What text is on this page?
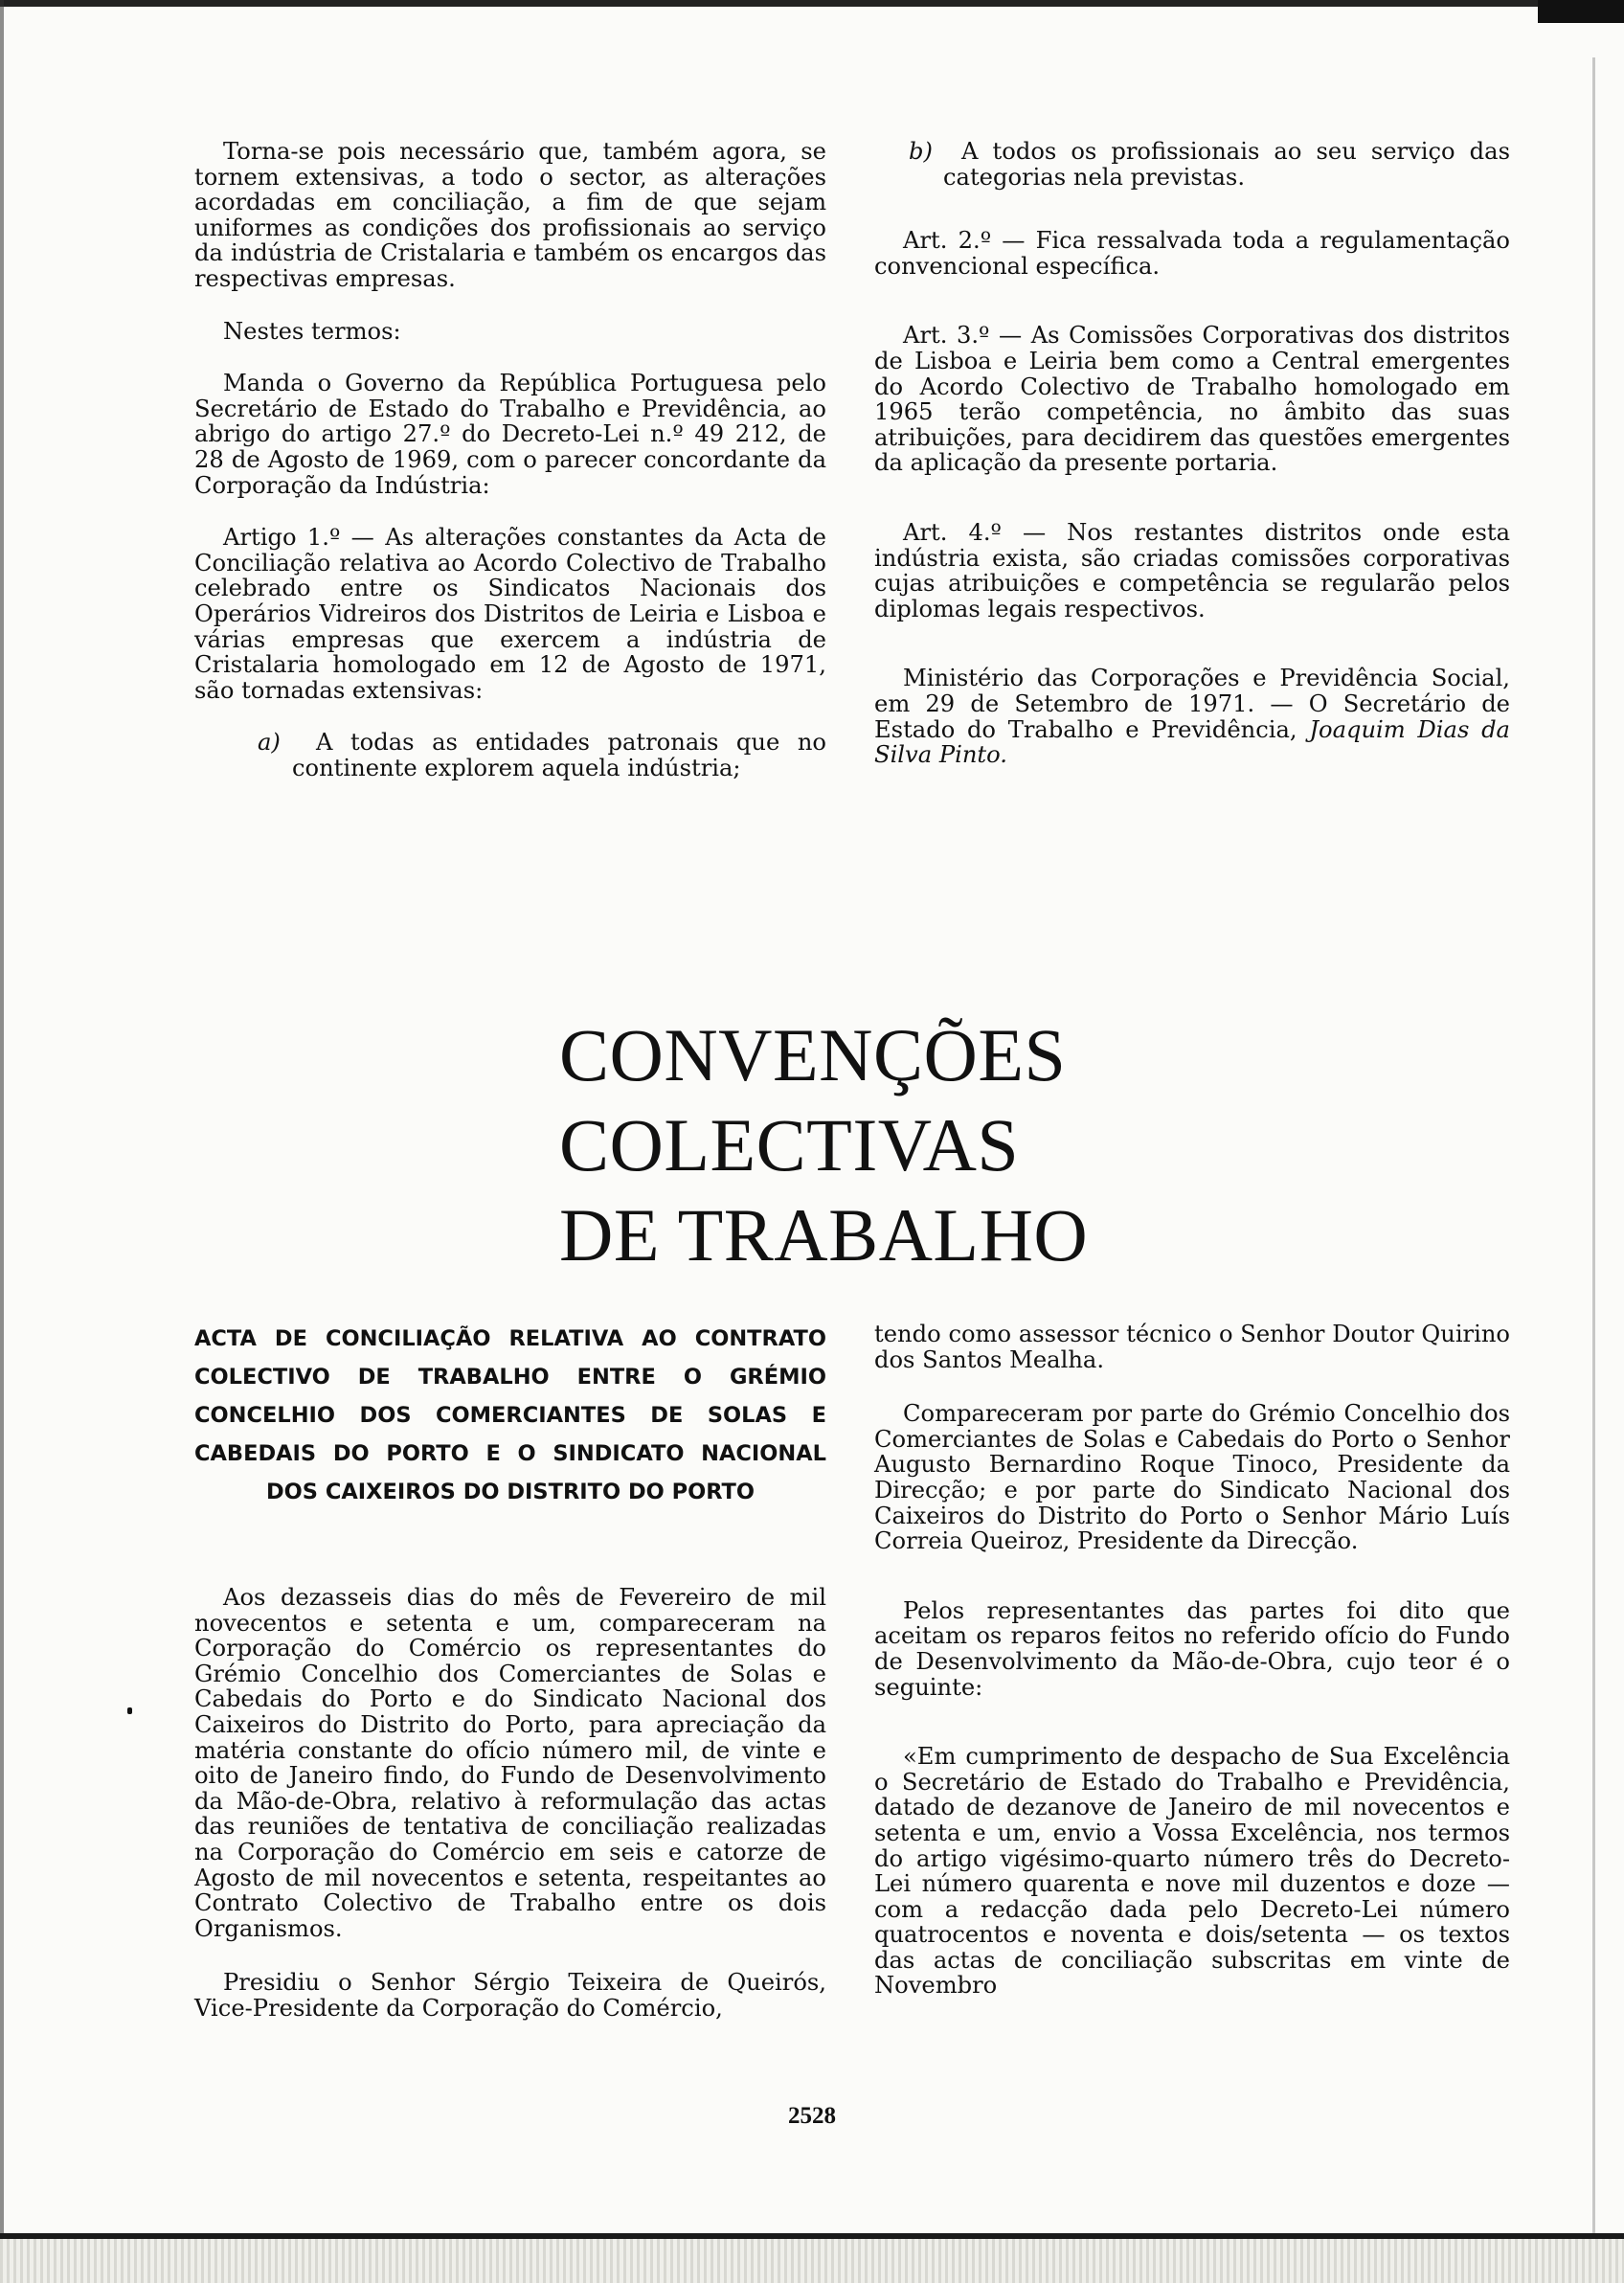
Torna-se pois necessário que, também agora, se tornem extensivas, a todo o sector, as alterações acordadas em conciliação, a fim de que sejam uniformes as condições dos profissionais ao serviço da indústria de Cristalaria e também os encargos das respectivas empresas.

Nestes termos:

Manda o Governo da República Portuguesa pelo Secretário de Estado do Trabalho e Previdência, ao abrigo do artigo 27.º do Decreto-Lei n.º 49 212, de 28 de Agosto de 1969, com o parecer concordante da Corporação da Indústria:

Artigo 1.º — As alterações constantes da Acta de Conciliação relativa ao Acordo Colectivo de Trabalho celebrado entre os Sindicatos Nacionais dos Operários Vidreiros dos Distritos de Leiria e Lisboa e várias empresas que exercem a indústria de Cristalaria homologado em 12 de Agosto de 1971, são tornadas extensivas:

a) A todas as entidades patronais que no continente explorem aquela indústria;

b) A todos os profissionais ao seu serviço das categorias nela previstas.

Art. 2.º — Fica ressalvada toda a regulamentação convencional específica.

Art. 3.º — As Comissões Corporativas dos distritos de Lisboa e Leiria bem como a Central emergentes do Acordo Colectivo de Trabalho homologado em 1965 terão competência, no âmbito das suas atribuições, para decidirem das questões emergentes da aplicação da presente portaria.

Art. 4.º — Nos restantes distritos onde esta indústria exista, são criadas comissões corporativas cujas atribuições e competência se regularão pelos diplomas legais respectivos.

Ministério das Corporações e Previdência Social, em 29 de Setembro de 1971. — O Secretário de Estado do Trabalho e Previdência, Joaquim Dias da Silva Pinto.

CONVENÇÕES COLECTIVAS
DE TRABALHO
ACTA DE CONCILIAÇÃO RELATIVA AO CONTRATO COLECTIVO DE TRABALHO ENTRE O GRÉMIO CONCELHIO DOS COMERCIANTES DE SOLAS E CABEDAIS DO PORTO E O SINDICATO NACIONAL DOS CAIXEIROS DO DISTRITO DO PORTO

Aos dezasseis dias do mês de Fevereiro de mil novecentos e setenta e um, compareceram na Corporação do Comércio os representantes do Grémio Concelhio dos Comerciantes de Solas e Cabedais do Porto e do Sindicato Nacional dos Caixeiros do Distrito do Porto, para apreciação da matéria constante do ofício número mil, de vinte e oito de Janeiro findo, do Fundo de Desenvolvimento da Mão-de-Obra, relativo à reformulação das actas das reuniões de tentativa de conciliação realizadas na Corporação do Comércio em seis e catorze de Agosto de mil novecentos e setenta, respeitantes ao Contrato Colectivo de Trabalho entre os dois Organismos.

Presidiu o Senhor Sérgio Teixeira de Queirós, Vice-Presidente da Corporação do Comércio,

tendo como assessor técnico o Senhor Doutor Quirino dos Santos Mealha.

Compareceram por parte do Grémio Concelhio dos Comerciantes de Solas e Cabedais do Porto o Senhor Augusto Bernardino Roque Tinoco, Presidente da Direcção; e por parte do Sindicato Nacional dos Caixeiros do Distrito do Porto o Senhor Mário Luís Correia Queiroz, Presidente da Direcção.

Pelos representantes das partes foi dito que aceitam os reparos feitos no referido ofício do Fundo de Desenvolvimento da Mão-de-Obra, cujo teor é o seguinte:

«Em cumprimento de despacho de Sua Excelência o Secretário de Estado do Trabalho e Previdência, datado de dezanove de Janeiro de mil novecentos e setenta e um, envio a Vossa Excelência, nos termos do artigo vigésimo-quarto número três do Decreto-Lei número quarenta e nove mil duzentos e doze — com a redacção dada pelo Decreto-Lei número quatrocentos e noventa e dois/setenta — os textos das actas de conciliação subscritas em vinte de Novembro

2528
